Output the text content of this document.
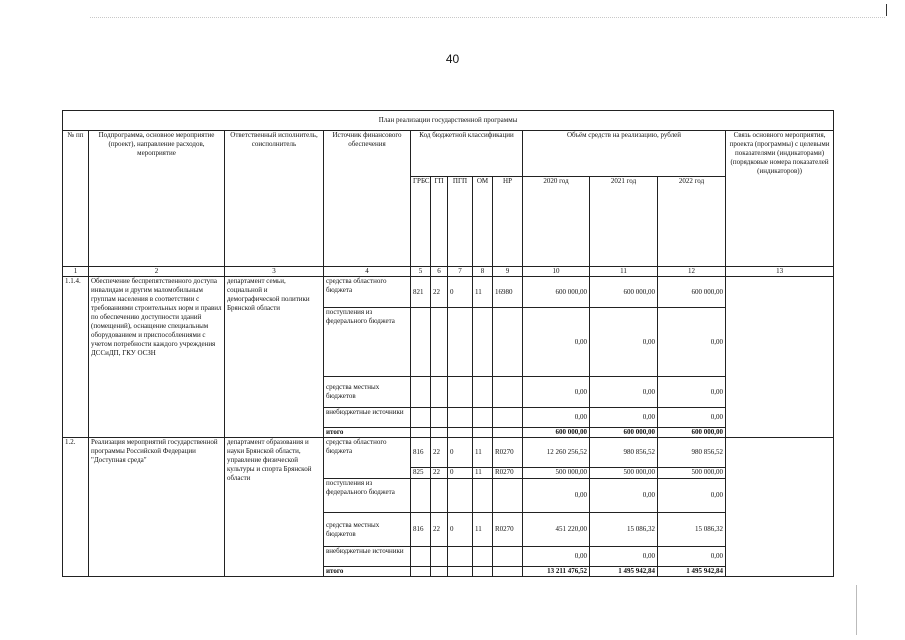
40
План реализации государственной программы												
№ пп	Подпрограмма, основное мероприятие (проект), направление расходов, мероприятие	Ответственный исполнитель, соисполнитель	Источник финансового обеспечения	Код бюджетной классификации					Объём средств на реализацию, рублей			Связь основного мероприятия, проекта (программы) с целевыми показателями (индикаторами) (порядковые номера показателей (индикаторов))
				ГРБС	ГП	ПГП	ОМ	НР	2020 год	2021 год	2022 год	
1	2	3	4	5	6	7	8	9	10	11	12	13
1.1.4.	Обеспечение беспрепятственного доступа инвалидам и другим маломобильным группам населения в соответствии с требованиями строительных норм и правил по обеспечению доступности зданий (помещений), оснащение специальным оборудованием и приспособлениями с учетом потребности каждого учреждения ДССиДП, ГКУ ОСЗН	департамент семьи, социальной и демографической политики Брянской области	средства областного бюджета	821	22	0	11	16980	600 000,00	600 000,00	600 000,00	
			поступления из федерального бюджета						0,00	0,00	0,00	
			средства местных бюджетов						0,00	0,00	0,00	
			внебюджетные источники						0,00	0,00	0,00	
			итого						600 000,00	600 000,00	600 000,00	
1.2.	Реализация мероприятий государственной программы Российской Федерации "Доступная среда"	департамент образования и науки Брянской области, управление физической культуры и спорта Брянской области	средства областного бюджета	816	22	0	11	R0270	12 260 256,52	980 856,52	980 856,52	
				825	22	0	11	R0270	500 000,00	500 000,00	500 000,00	
			поступления из федерального бюджета						0,00	0,00	0,00	
			средства местных бюджетов	816	22	0	11	R0270	451 220,00	15 086,32	15 086,32	
			внебюджетные источники						0,00	0,00	0,00	
			итого						13 211 476,52	1 495 942,84	1 495 942,84	
